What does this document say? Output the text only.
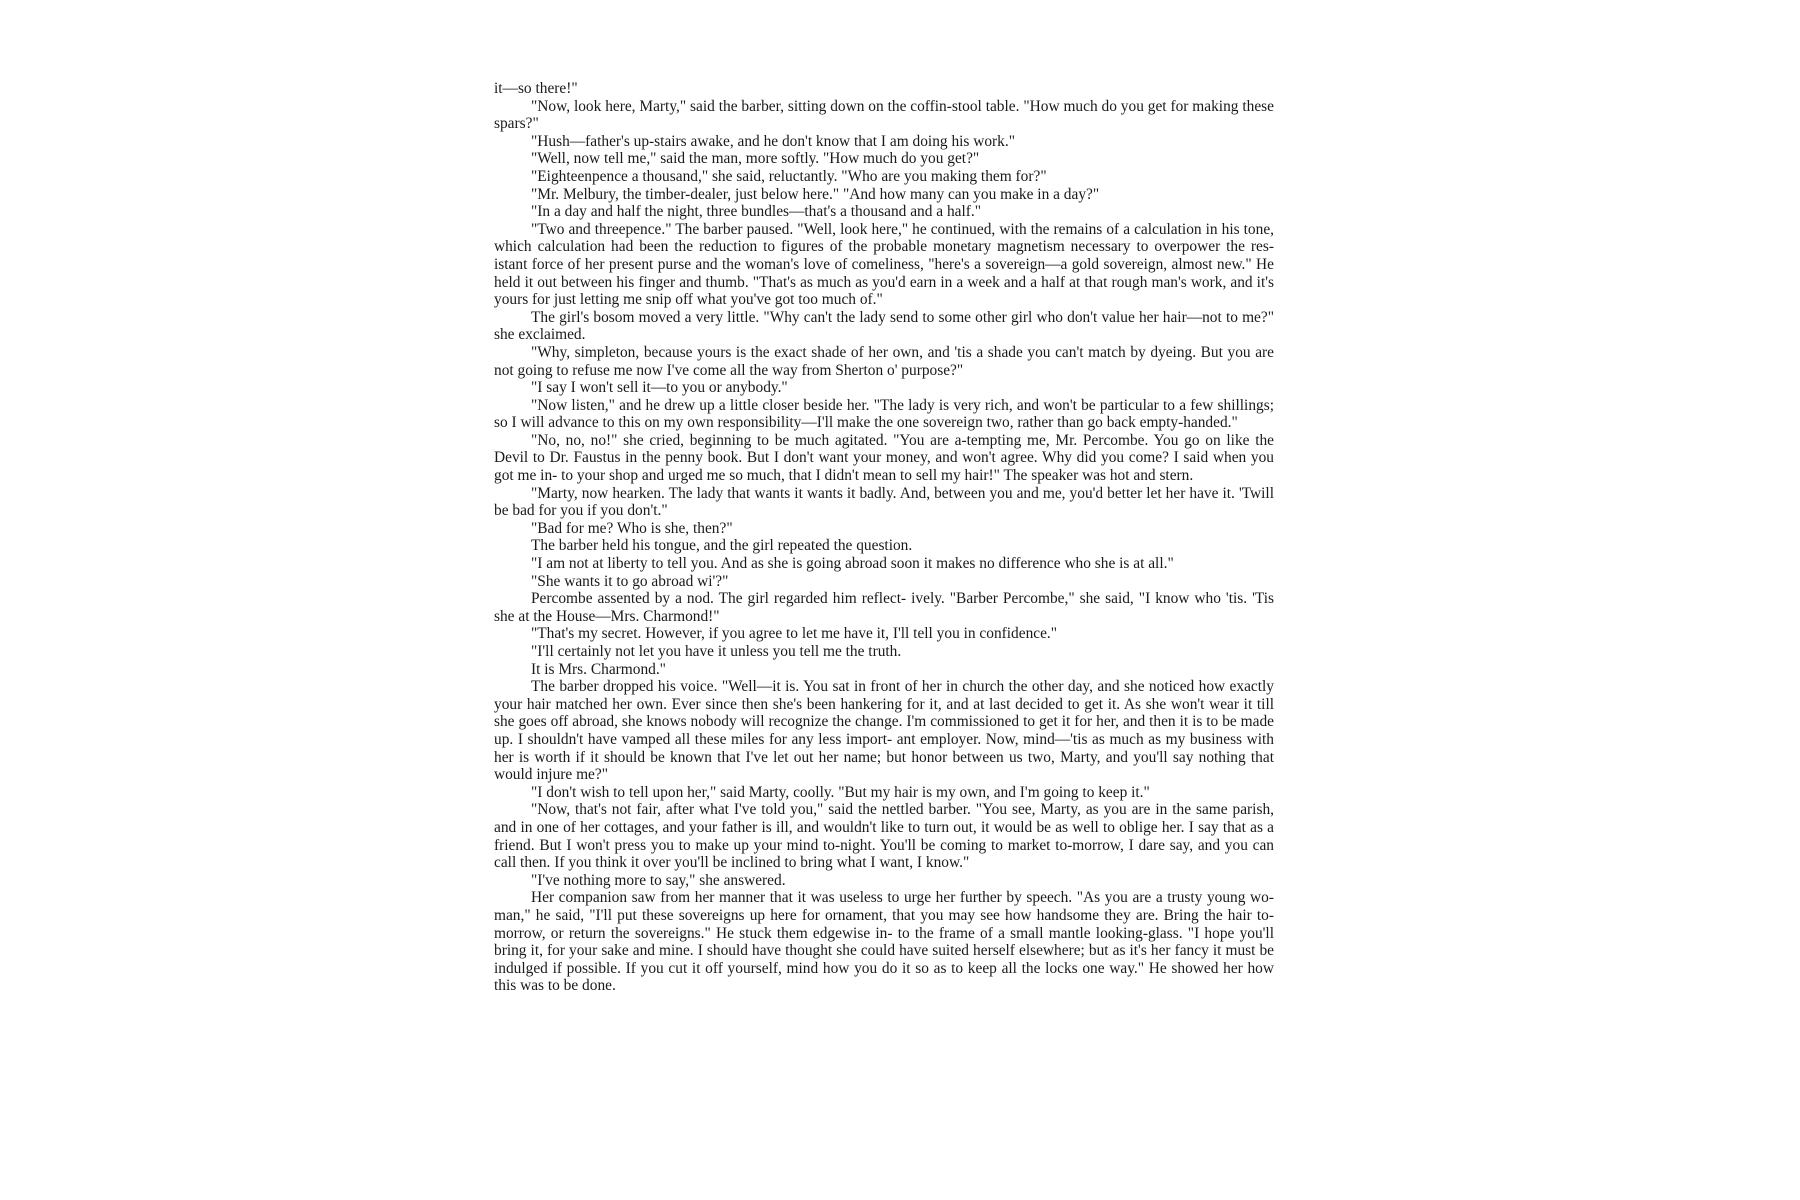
it—so there!"

"Now, look here, Marty," said the barber, sitting down on the coffin-stool table. "How much do you get for making these spars?"

"Hush—father's up-stairs awake, and he don't know that I am doing his work."

"Well, now tell me," said the man, more softly. "How much do you get?"

"Eighteenpence a thousand," she said, reluctantly. "Who are you making them for?"

"Mr. Melbury, the timber-dealer, just below here." "And how many can you make in a day?"

"In a day and half the night, three bundles—that's a thousand and a half."

"Two and threepence." The barber paused. "Well, look here," he continued, with the remains of a calculation in his tone, which calculation had been the reduction to figures of the probable monetary magnetism necessary to overpower the res- istant force of her present purse and the woman's love of comeliness, "here's a sovereign—a gold sovereign, almost new." He held it out between his finger and thumb. "That's as much as you'd earn in a week and a half at that rough man's work, and it's yours for just letting me snip off what you've got too much of."

The girl's bosom moved a very little. "Why can't the lady send to some other girl who don't value her hair—not to me?" she exclaimed.

"Why, simpleton, because yours is the exact shade of her own, and 'tis a shade you can't match by dyeing. But you are not going to refuse me now I've come all the way from Sherton o' purpose?"

"I say I won't sell it—to you or anybody."

"Now listen," and he drew up a little closer beside her. "The lady is very rich, and won't be particular to a few shillings; so I will advance to this on my own responsibility—I'll make the one sovereign two, rather than go back empty-handed."

"No, no, no!" she cried, beginning to be much agitated. "You are a-tempting me, Mr. Percombe. You go on like the Devil to Dr. Faustus in the penny book. But I don't want your money, and won't agree. Why did you come? I said when you got me in- to your shop and urged me so much, that I didn't mean to sell my hair!" The speaker was hot and stern.

"Marty, now hearken. The lady that wants it wants it badly. And, between you and me, you'd better let her have it. 'Twill be bad for you if you don't."

"Bad for me? Who is she, then?"

The barber held his tongue, and the girl repeated the question.

"I am not at liberty to tell you. And as she is going abroad soon it makes no difference who she is at all."

"She wants it to go abroad wi'?"

Percombe assented by a nod. The girl regarded him reflect- ively. "Barber Percombe," she said, "I know who 'tis. 'Tis she at the House—Mrs. Charmond!"

"That's my secret. However, if you agree to let me have it, I'll tell you in confidence."

"I'll certainly not let you have it unless you tell me the truth.

It is Mrs. Charmond."

The barber dropped his voice. "Well—it is. You sat in front of her in church the other day, and she noticed how exactly your hair matched her own. Ever since then she's been hankering for it, and at last decided to get it. As she won't wear it till she goes off abroad, she knows nobody will recognize the change. I'm commissioned to get it for her, and then it is to be made up. I shouldn't have vamped all these miles for any less import- ant employer. Now, mind—'tis as much as my business with her is worth if it should be known that I've let out her name; but honor between us two, Marty, and you'll say nothing that would injure me?"

"I don't wish to tell upon her," said Marty, coolly. "But my hair is my own, and I'm going to keep it."

"Now, that's not fair, after what I've told you," said the nettled barber. "You see, Marty, as you are in the same parish, and in one of her cottages, and your father is ill, and wouldn't like to turn out, it would be as well to oblige her. I say that as a friend. But I won't press you to make up your mind to-night. You'll be coming to market to-morrow, I dare say, and you can call then. If you think it over you'll be inclined to bring what I want, I know."

"I've nothing more to say," she answered.

Her companion saw from her manner that it was useless to urge her further by speech. "As you are a trusty young wo- man," he said, "I'll put these sovereigns up here for ornament, that you may see how handsome they are. Bring the hair to- morrow, or return the sovereigns." He stuck them edgewise in- to the frame of a small mantle looking-glass. "I hope you'll bring it, for your sake and mine. I should have thought she could have suited herself elsewhere; but as it's her fancy it must be indulged if possible. If you cut it off yourself, mind how you do it so as to keep all the locks one way." He showed her how this was to be done.
